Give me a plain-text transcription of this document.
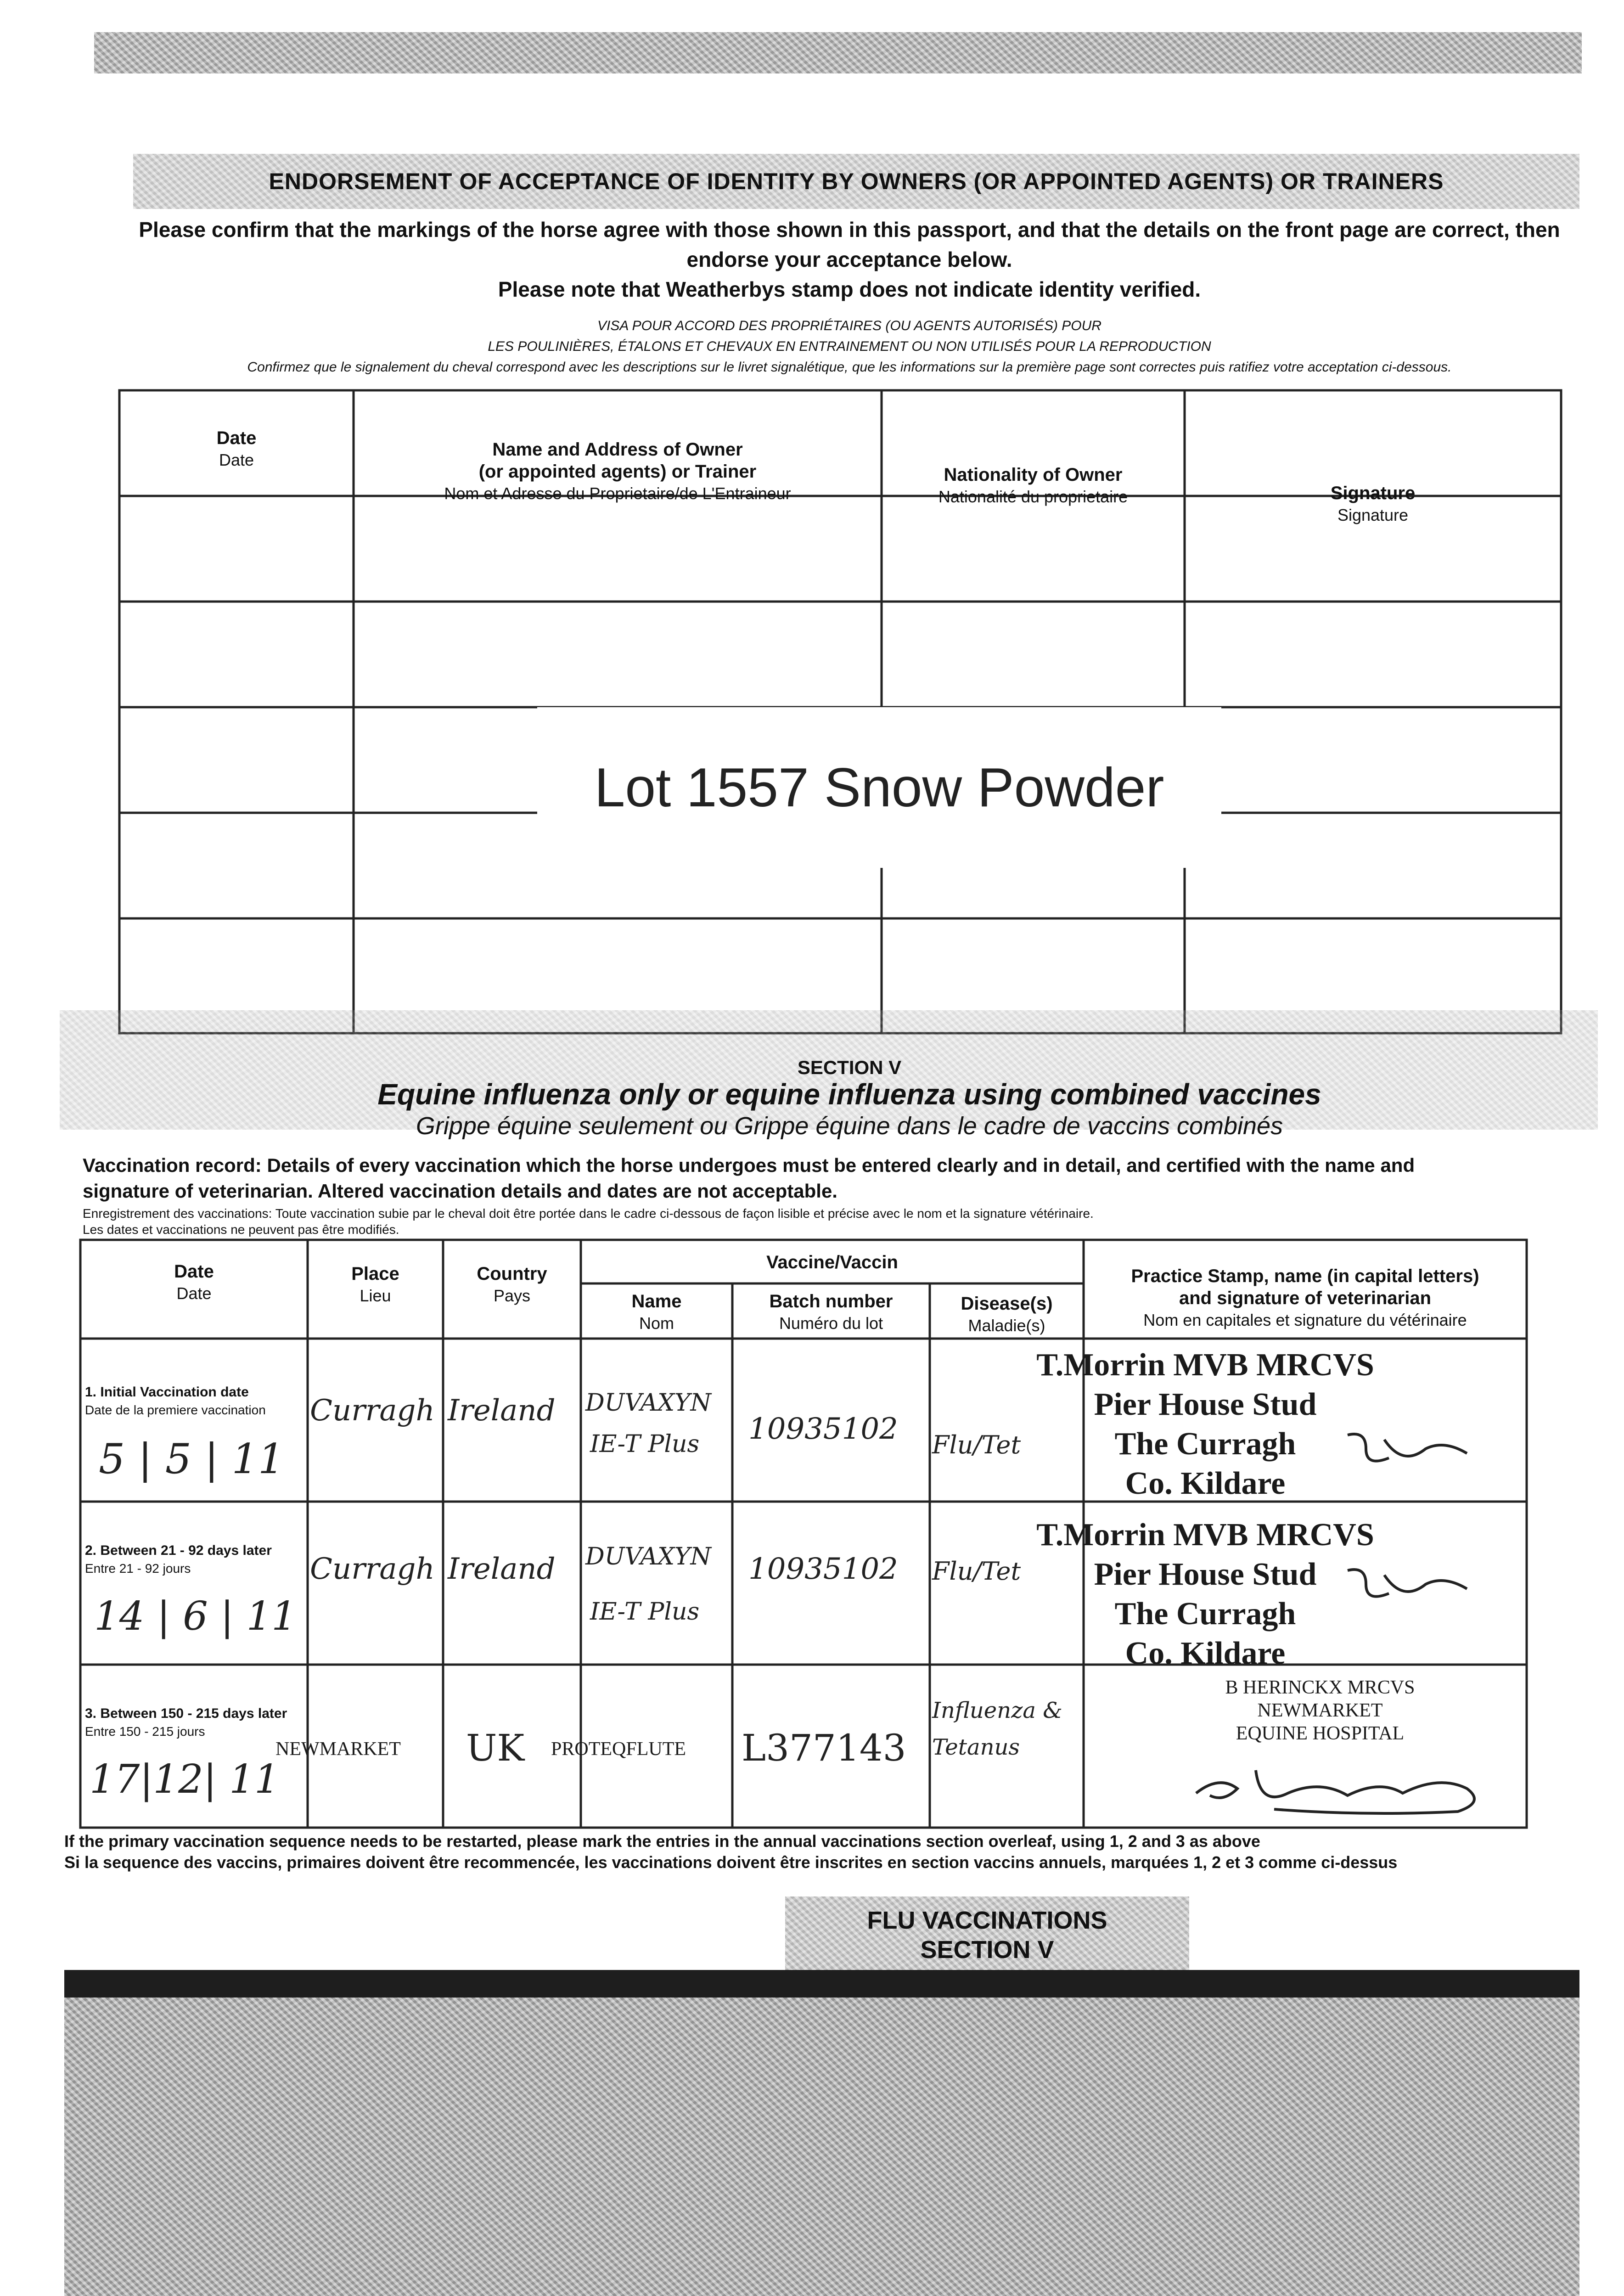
ENDORSEMENT OF ACCEPTANCE OF IDENTITY BY OWNERS (OR APPOINTED AGENTS) OR TRAINERS
Please confirm that the markings of the horse agree with those shown in this passport, and that the details on the front page are correct, then
endorse your acceptance below.
Please note that Weatherbys stamp does not indicate identity verified.
VISA POUR ACCORD DES PROPRIÉTAIRES (OU AGENTS AUTORISÉS) POUR
LES POULINIÈRES, ÉTALONS ET CHEVAUX EN ENTRAINEMENT OU NON UTILISÉS POUR LA REPRODUCTION
Confirmez que le signalement du cheval correspond avec les descriptions sur le livret signalétique, que les informations sur la première page sont correctes puis ratifiez votre acceptation ci-dessous.
Date
Date
Name and Address of Owner
(or appointed agents) or Trainer
Nom et Adresse du Proprietaire/de L'Entraineur
Nationality of Owner
Nationalité du proprietaire	Signature
Signature
Lot 1557 Snow Powder
SECTION V
Equine influenza only or equine influenza using combined vaccines
Grippe équine seulement ou Grippe équine dans le cadre de vaccins combinés
Vaccination record: Details of every vaccination which the horse undergoes must be entered clearly and in detail, and certified with the name and
signature of veterinarian. Altered vaccination details and dates are not acceptable.
Enregistrement des vaccinations: Toute vaccination subie par le cheval doit être portée dans le cadre ci-dessous de façon lisible et précise avec le nom et la signature vétérinaire.
Les dates et vaccinations ne peuvent pas être modifiés.
Date
Date
Place
Lieu
Country
Pays
Vaccine/Vaccin
Name
Nom
Batch number
Numéro du lot
Disease(s)
Maladie(s)
Practice Stamp, name (in capital letters)
and signature of veterinarian
Nom en capitales et signature du vétérinaire
1. Initial Vaccination date
Date de la premiere vaccination
5 | 5 | 11
Curragh Ireland DUVAXYN
IE-T Plus 10935102 Flu/Tet
T.Morrin MVB MRCVS
Pier House Stud
The Curragh
Co. Kildare
2. Between 21 - 92 days later
Entre 21 - 92 jours
14 | 6 | 11
Curragh Ireland DUVAXYN
IE-T Plus
10935102 Flu/Tet
T.Morrin MVB MRCVS
Pier House Stud
The Curragh
Co. Kildare
3. Between 150 - 215 days later
Entre 150 - 215 jours
17|12| 11
NEWMARKET UK PROTEQFLUTE L377143
Influenza & Tetanus
B HERINCKX MRCVS
NEWMARKET
EQUINE HOSPITAL
If the primary vaccination sequence needs to be restarted, please mark the entries in the annual vaccinations section overleaf, using 1, 2 and 3 as above
Si la sequence des vaccins, primaires doivent être recommencée, les vaccinations doivent être inscrites en section vaccins annuels, marquées 1, 2 et 3 comme ci-dessus
FLU VACCINATIONS
SECTION V
